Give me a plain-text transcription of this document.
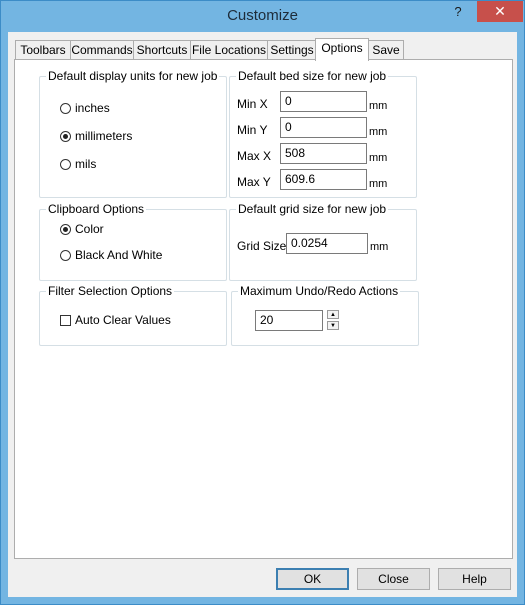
Customize	?	✕
Toolbars Commands Shortcuts File Locations Settings Options Save
Default display units for new job
inches
millimeters
mils
Default bed size for new job
Min X	0	mm
Min Y	0	mm
Max X	508	mm
Max Y	609.6	mm
Clipboard Options
Color
Black And White
Default grid size for new job
Grid Size 0.0254	mm
Filter Selection Options
Auto Clear Values
Maximum Undo/Redo Actions
20	▲
▼
OK	Close	Help
